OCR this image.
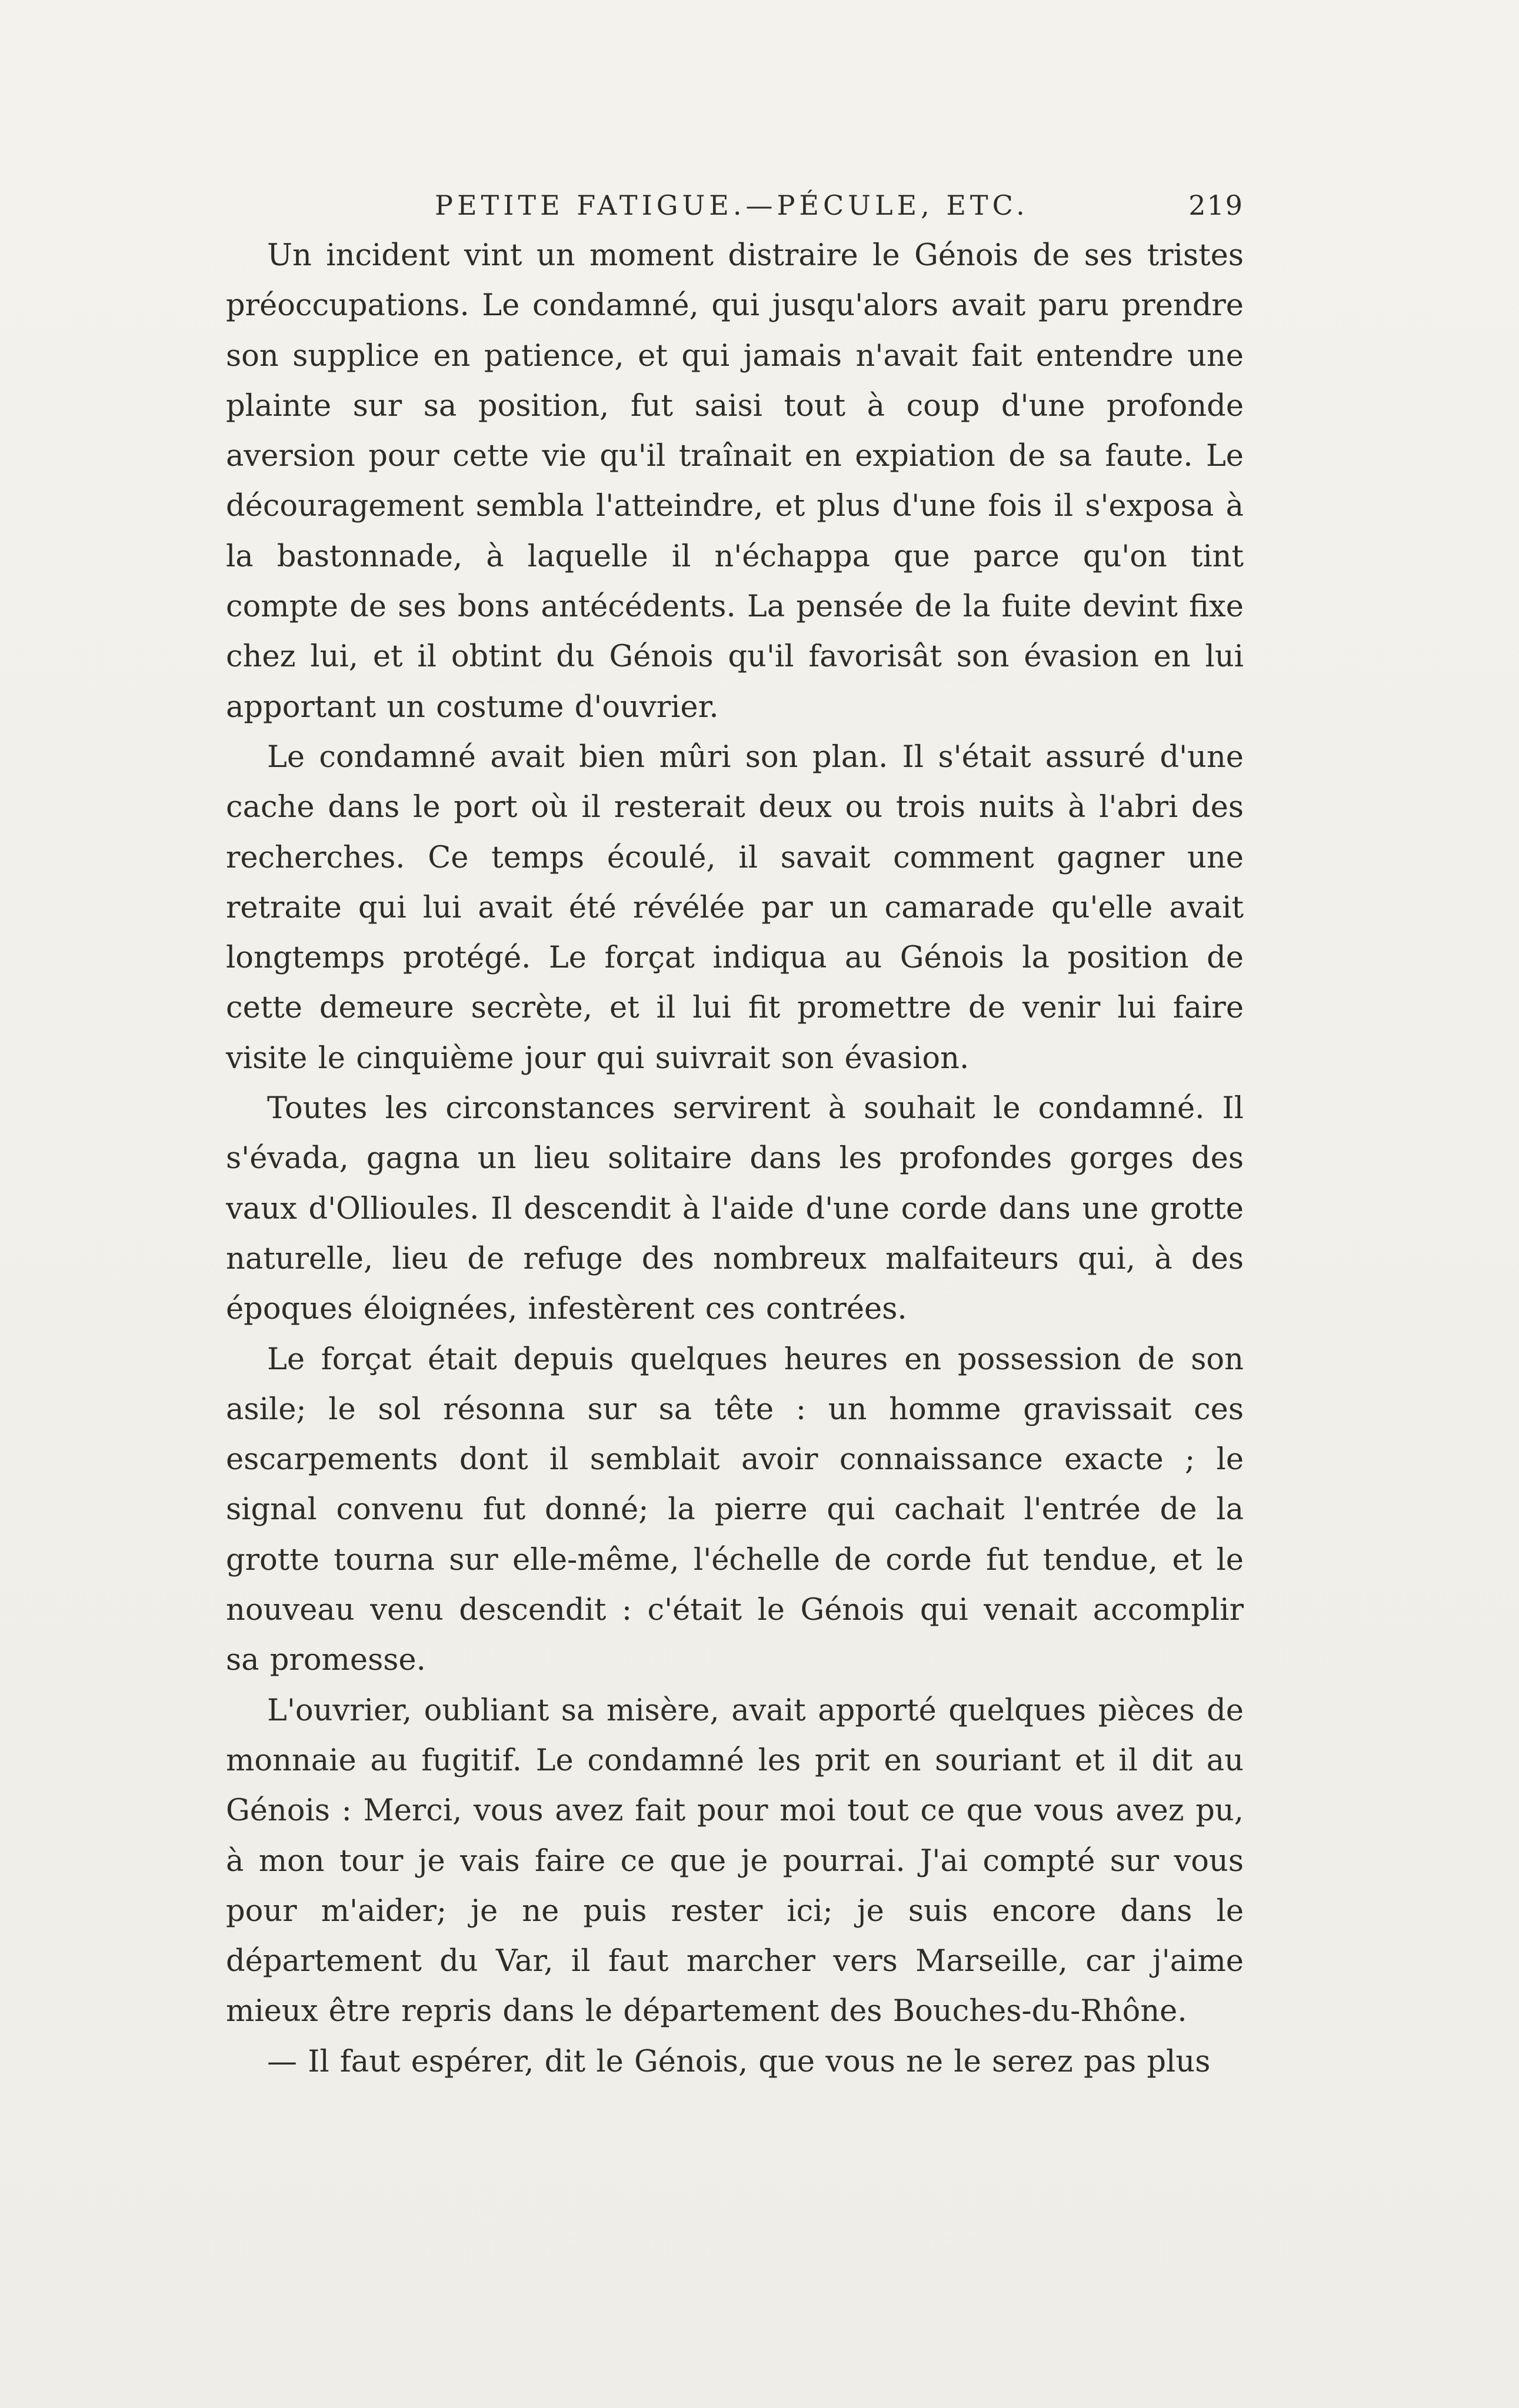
PETITE FATIGUE.—PÉCULE, ETC.	219

Un incident vint un moment distraire le Génois de ses tristes préoccupations. Le condamné, qui jusqu'alors avait paru prendre son supplice en patience, et qui jamais n'avait fait entendre une plainte sur sa position, fut saisi tout à coup d'une profonde aversion pour cette vie qu'il traînait en expiation de sa faute. Le découragement sembla l'atteindre, et plus d'une fois il s'exposa à la bastonnade, à laquelle il n'échappa que parce qu'on tint compte de ses bons antécédents. La pensée de la fuite devint fixe chez lui, et il obtint du Génois qu'il favorisât son évasion en lui apportant un costume d'ouvrier.

Le condamné avait bien mûri son plan. Il s'était assuré d'une cache dans le port où il resterait deux ou trois nuits à l'abri des recherches. Ce temps écoulé, il savait comment gagner une retraite qui lui avait été révélée par un camarade qu'elle avait longtemps protégé. Le forçat indiqua au Génois la position de cette demeure secrète, et il lui fit promettre de venir lui faire visite le cinquième jour qui suivrait son évasion.

Toutes les circonstances servirent à souhait le condamné. Il s'évada, gagna un lieu solitaire dans les profondes gorges des vaux d'Ollioules. Il descendit à l'aide d'une corde dans une grotte naturelle, lieu de refuge des nombreux malfaiteurs qui, à des époques éloignées, infestèrent ces contrées.

Le forçat était depuis quelques heures en possession de son asile; le sol résonna sur sa tête : un homme gravissait ces escarpements dont il semblait avoir connaissance exacte ; le signal convenu fut donné; la pierre qui cachait l'entrée de la grotte tourna sur elle-même, l'échelle de corde fut tendue, et le nouveau venu descendit : c'était le Génois qui venait accomplir sa promesse.

L'ouvrier, oubliant sa misère, avait apporté quelques pièces de monnaie au fugitif. Le condamné les prit en souriant et il dit au Génois : Merci, vous avez fait pour moi tout ce que vous avez pu, à mon tour je vais faire ce que je pourrai. J'ai compté sur vous pour m'aider; je ne puis rester ici; je suis encore dans le département du Var, il faut marcher vers Marseille, car j'aime mieux être repris dans le département des Bouches-du-Rhône.

— Il faut espérer, dit le Génois, que vous ne le serez pas plus
